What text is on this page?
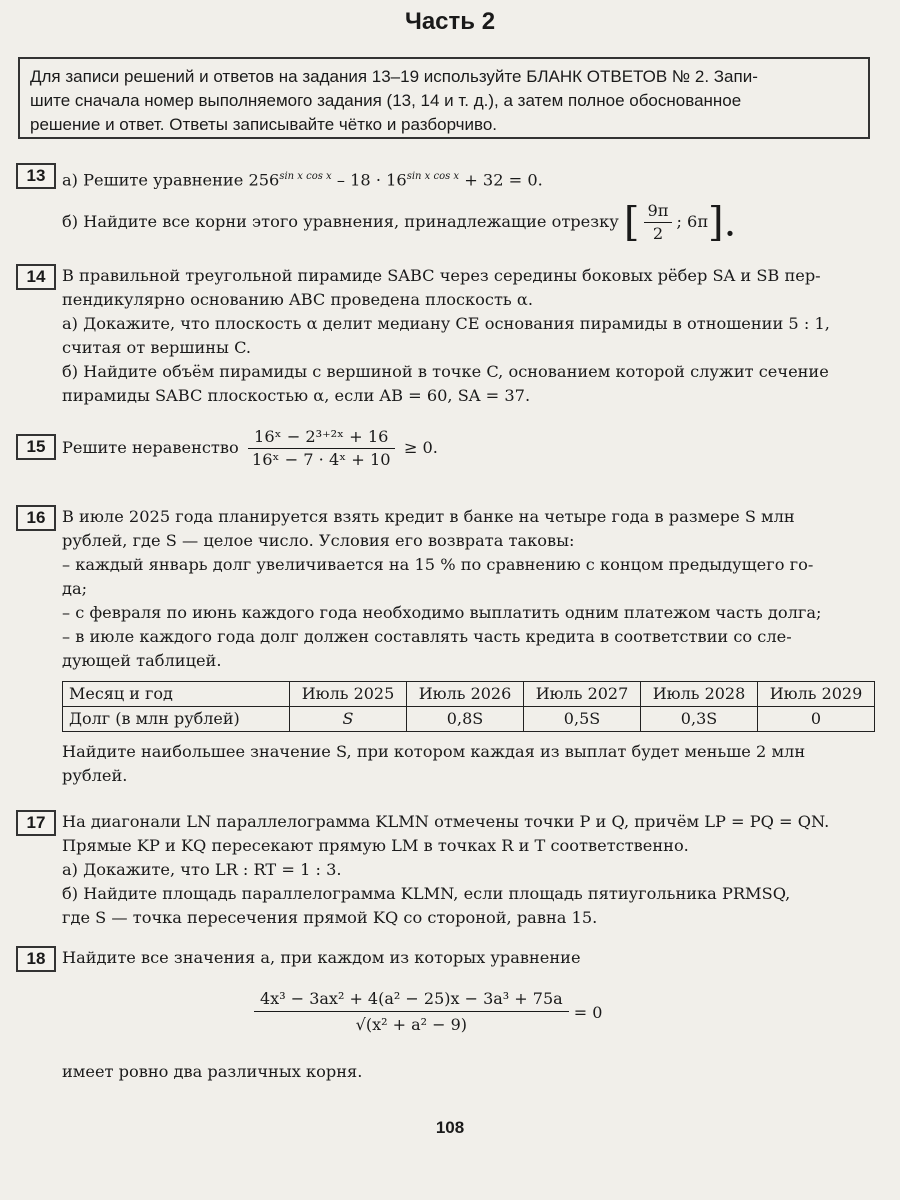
Часть 2
Для записи решений и ответов на задания 13–19 используйте БЛАНК ОТВЕТОВ № 2. Запи-
шите сначала номер выполняемого задания (13, 14 и т. д.), а затем полное обоснованное
решение и ответ. Ответы записывайте чётко и разборчиво.
13	а) Решите уравнение $256^{sin x cos x} - 18 \cdot 16^{sin x cos x} + 32 = 0$.
б) Найдите все корни этого уравнения, принадлежащие отрезку [ $\frac{9\pi}{2}$ ; 6π].
14	В правильной треугольной пирамиде SABC через середины боковых рёбер SA и SB пер-
пендикулярно основанию ABC проведена плоскость α.
а) Докажите, что плоскость α делит медиану CE основания пирамиды в отношении 5 : 1,
считая от вершины C.
б) Найдите объём пирамиды с вершиной в точке C, основанием которой служит сечение
пирамиды SABC плоскостью α, если AB = 60, SA = 37.
15	Решите неравенство $\frac{\text{16ˣ − 2³⁺²ˣ + 16}}{\text{16ˣ − 7 · 4ˣ + 10}} \ge 0$.
16	В июле 2025 года планируется взять кредит в банке на четыре года в размере S млн
рублей, где S — целое число. Условия его возврата таковы:
– каждый январь долг увеличивается на 15 % по сравнению с концом предыдущего го-
да;
– с февраля по июнь каждого года необходимо выплатить одним платежом часть долга;
– в июле каждого года долг должен составлять часть кредита в соответствии со сле-
дующей таблицей.
Месяц и год	Июль 2025	Июль 2026	Июль 2027	Июль 2028	Июль 2029
Долг (в млн рублей)	S	0,8S	0,5S	0,3S	0
Найдите наибольшее значение S, при котором каждая из выплат будет меньше 2 млн
рублей.
17	На диагонали LN параллелограмма KLMN отмечены точки P и Q, причём LP = PQ = QN.
Прямые KP и KQ пересекают прямую LM в точках R и T соответственно.
а) Докажите, что LR : RT = 1 : 3.
б) Найдите площадь параллелограмма KLMN, если площадь пятиугольника PRMSQ,
где S — точка пересечения прямой KQ со стороной, равна 15.
18	Найдите все значения a, при каждом из которых уравнение
$\frac{\text{4x³ − 3ax² + 4(a² − 25)x − 3a³ + 75a}}{\text{√(x² + a² − 9)}} = 0$
имеет ровно два различных корня.
108
